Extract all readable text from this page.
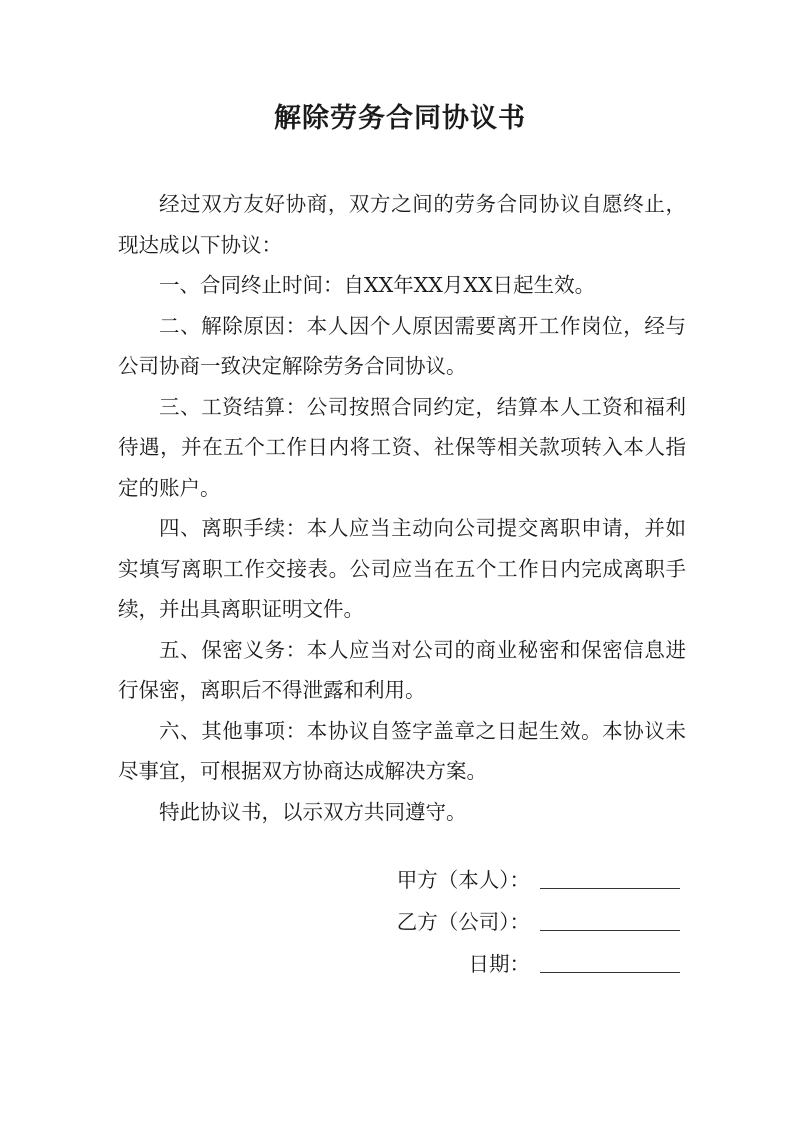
解除劳务合同协议书

经过双方友好协商，双方之间的劳务合同协议自愿终止，现达成以下协议：

一、合同终止时间：自XX年XX月XX日起生效。

二、解除原因：本人因个人原因需要离开工作岗位，经与公司协商一致决定解除劳务合同协议。

三、工资结算：公司按照合同约定，结算本人工资和福利待遇，并在五个工作日内将工资、社保等相关款项转入本人指定的账户。

四、离职手续：本人应当主动向公司提交离职申请，并如实填写离职工作交接表。公司应当在五个工作日内完成离职手续，并出具离职证明文件。

五、保密义务：本人应当对公司的商业秘密和保密信息进行保密，离职后不得泄露和利用。

六、其他事项：本协议自签字盖章之日起生效。本协议未尽事宜，可根据双方协商达成解决方案。

特此协议书，以示双方共同遵守。

甲方（本人）：
乙方（公司）：
日期：
